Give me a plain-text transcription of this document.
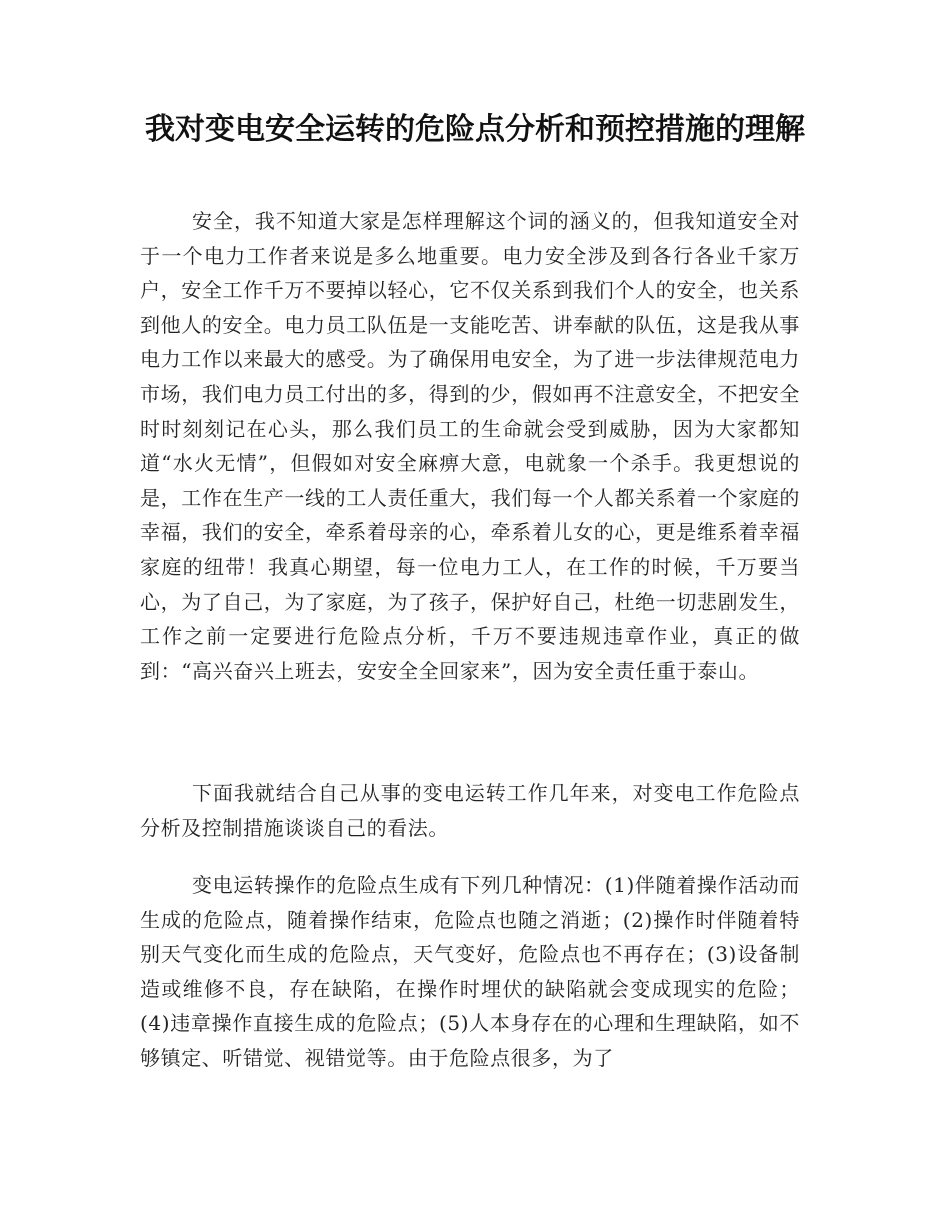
我对变电安全运转的危险点分析和预控措施的理解

安全，我不知道大家是怎样理解这个词的涵义的，但我知道安全对于一个电力工作者来说是多么地重要。电力安全涉及到各行各业千家万户，安全工作千万不要掉以轻心，它不仅关系到我们个人的安全，也关系到他人的安全。电力员工队伍是一支能吃苦、讲奉献的队伍，这是我从事电力工作以来最大的感受。为了确保用电安全，为了进一步法律规范电力市场，我们电力员工付出的多，得到的少，假如再不注意安全，不把安全时时刻刻记在心头，那么我们员工的生命就会受到威胁，因为大家都知道“水火无情”，但假如对安全麻痹大意，电就象一个杀手。我更想说的是，工作在生产一线的工人责任重大，我们每一个人都关系着一个家庭的幸福，我们的安全，牵系着母亲的心，牵系着儿女的心，更是维系着幸福家庭的纽带！我真心期望，每一位电力工人，在工作的时候，千万要当心，为了自己，为了家庭，为了孩子，保护好自己，杜绝一切悲剧发生，工作之前一定要进行危险点分析，千万不要违规违章作业，真正的做到：“高兴奋兴上班去，安安全全回家来”，因为安全责任重于泰山。

下面我就结合自己从事的变电运转工作几年来，对变电工作危险点分析及控制措施谈谈自己的看法。

变电运转操作的危险点生成有下列几种情况：(1)伴随着操作活动而生成的危险点，随着操作结束，危险点也随之消逝；(2)操作时伴随着特别天气变化而生成的危险点，天气变好，危险点也不再存在；(3)设备制造或维修不良，存在缺陷，在操作时埋伏的缺陷就会变成现实的危险；(4)违章操作直接生成的危险点；(5)人本身存在的心理和生理缺陷，如不够镇定、听错觉、视错觉等。由于危险点很多，为了
